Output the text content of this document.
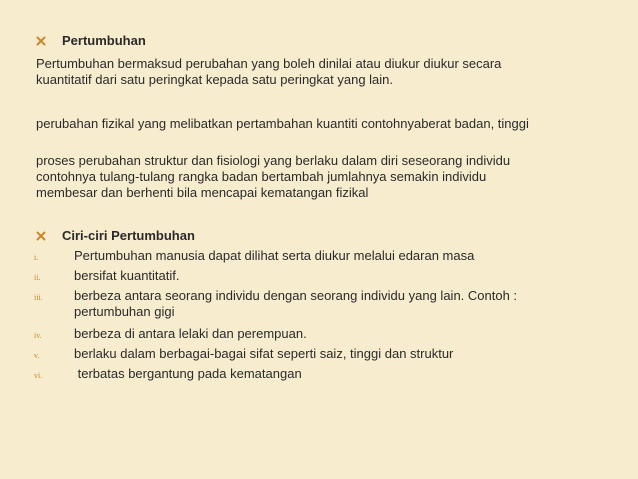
Pertumbuhan
Pertumbuhan bermaksud perubahan yang boleh dinilai atau diukur diukur secara
kuantitatif dari satu peringkat kepada satu peringkat yang lain.
perubahan fizikal yang melibatkan pertambahan kuantiti contohnyaberat badan, tinggi
proses perubahan struktur dan fisiologi yang berlaku dalam diri seseorang individu
contohnya tulang-tulang rangka badan bertambah jumlahnya semakin individu
membesar dan berhenti bila mencapai kematangan fizikal
Ciri-ciri Pertumbuhan
i.	Pertumbuhan manusia dapat dilihat serta diukur melalui edaran masa
ii.	bersifat kuantitatif.
iii. berbeza antara seorang individu dengan seorang individu yang lain. Contoh :
pertumbuhan gigi
iv. berbeza di antara lelaki dan perempuan.
v.	berlaku dalam berbagai-bagai sifat seperti saiz, tinggi dan struktur
vi. terbatas bergantung pada kematangan
